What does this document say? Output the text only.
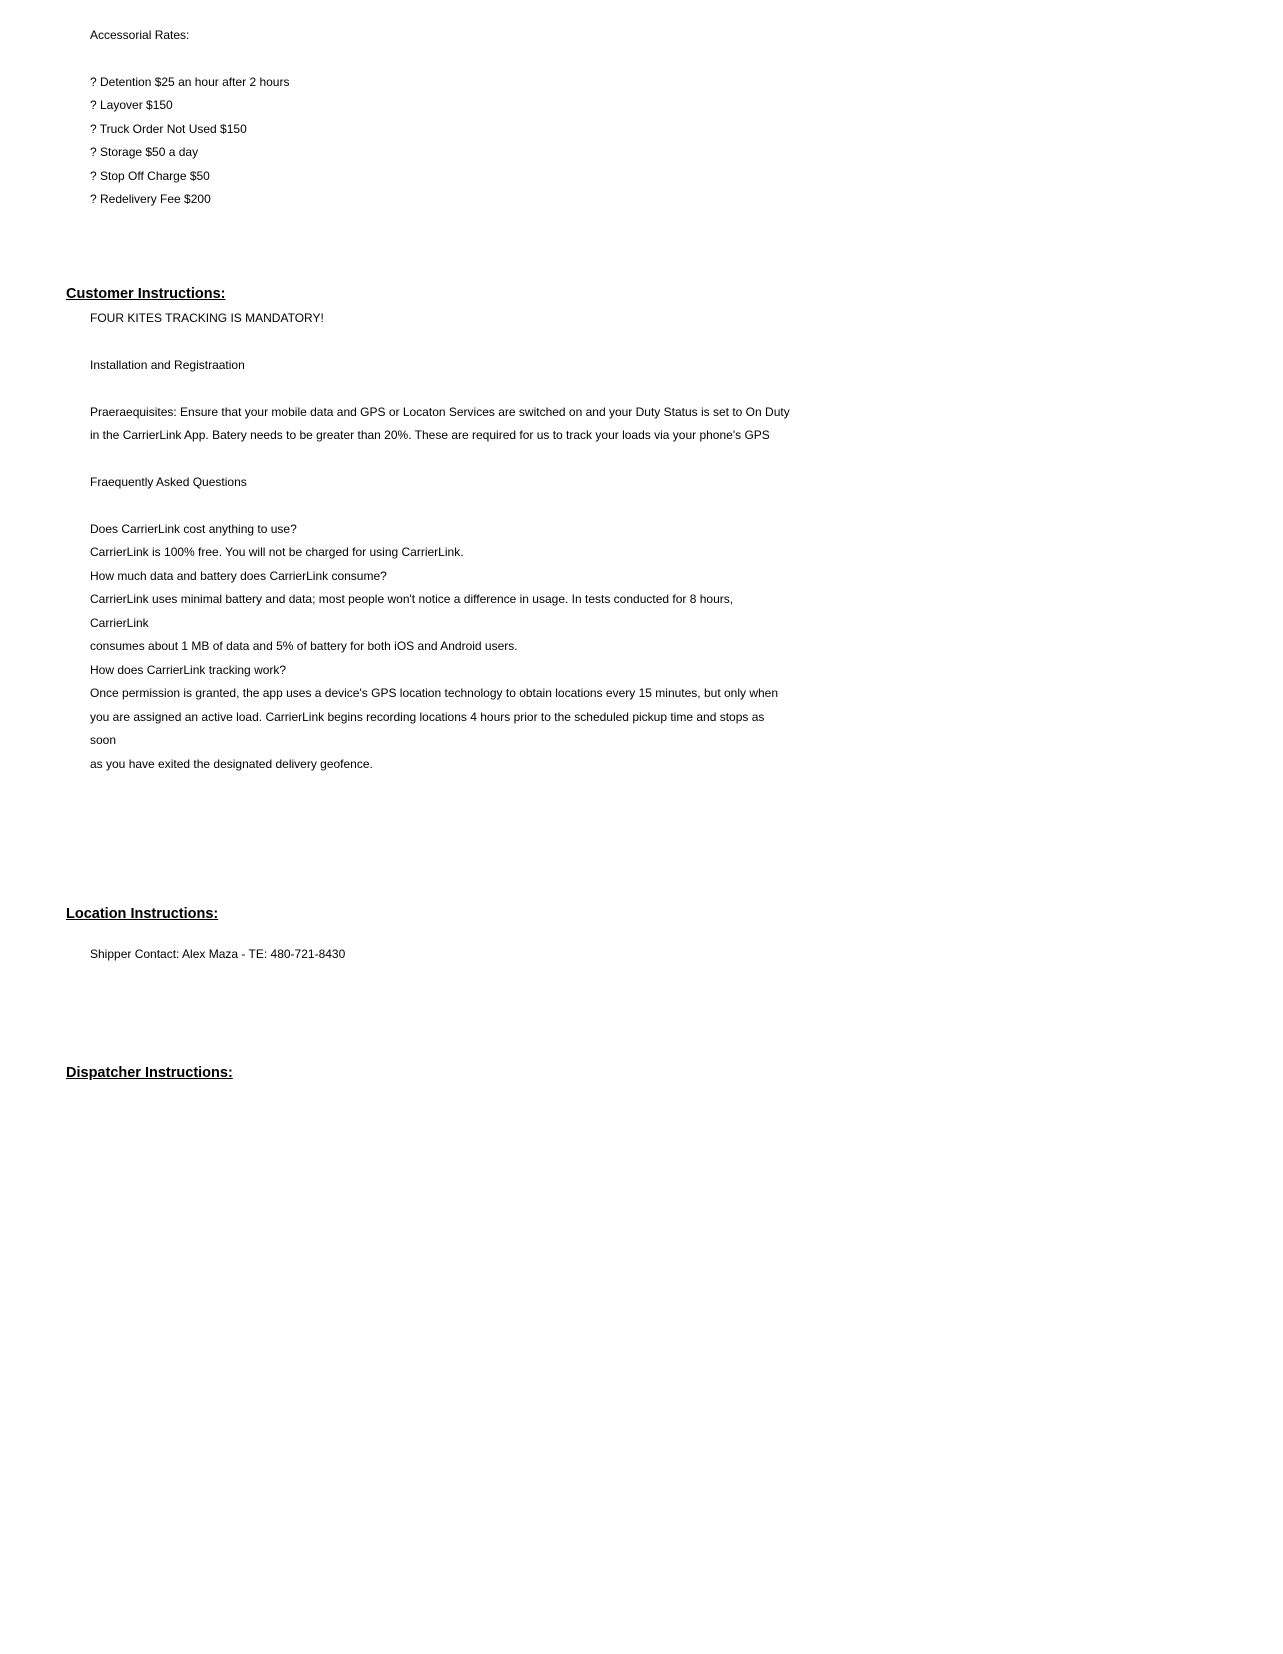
Accessorial Rates:
? Detention $25 an hour after 2 hours
? Layover $150
? Truck Order Not Used $150
? Storage $50 a day
? Stop Off Charge $50
? Redelivery Fee $200
Customer Instructions:
FOUR KITES TRACKING IS MANDATORY!
Installation and Registraation
Praeraequisites: Ensure that your mobile data and GPS or Locaton Services are switched on and your Duty Status is set to On Duty
in the CarrierLink App. Batery needs to be greater than 20%. These are required for us to track your loads via your phone's GPS
Fraequently Asked Questions
Does CarrierLink cost anything to use?
CarrierLink is 100% free. You will not be charged for using CarrierLink.
How much data and battery does CarrierLink consume?
CarrierLink uses minimal battery and data; most people won't notice a difference in usage. In tests conducted for 8 hours,
CarrierLink
consumes about 1 MB of data and 5% of battery for both iOS and Android users.
How does CarrierLink tracking work?
Once permission is granted, the app uses a device's GPS location technology to obtain locations every 15 minutes, but only when
you are assigned an active load. CarrierLink begins recording locations 4 hours prior to the scheduled pickup time and stops as
soon
as you have exited the designated delivery geofence.
Location Instructions:
Shipper Contact: Alex Maza - TE: 480-721-8430
Dispatcher Instructions:
